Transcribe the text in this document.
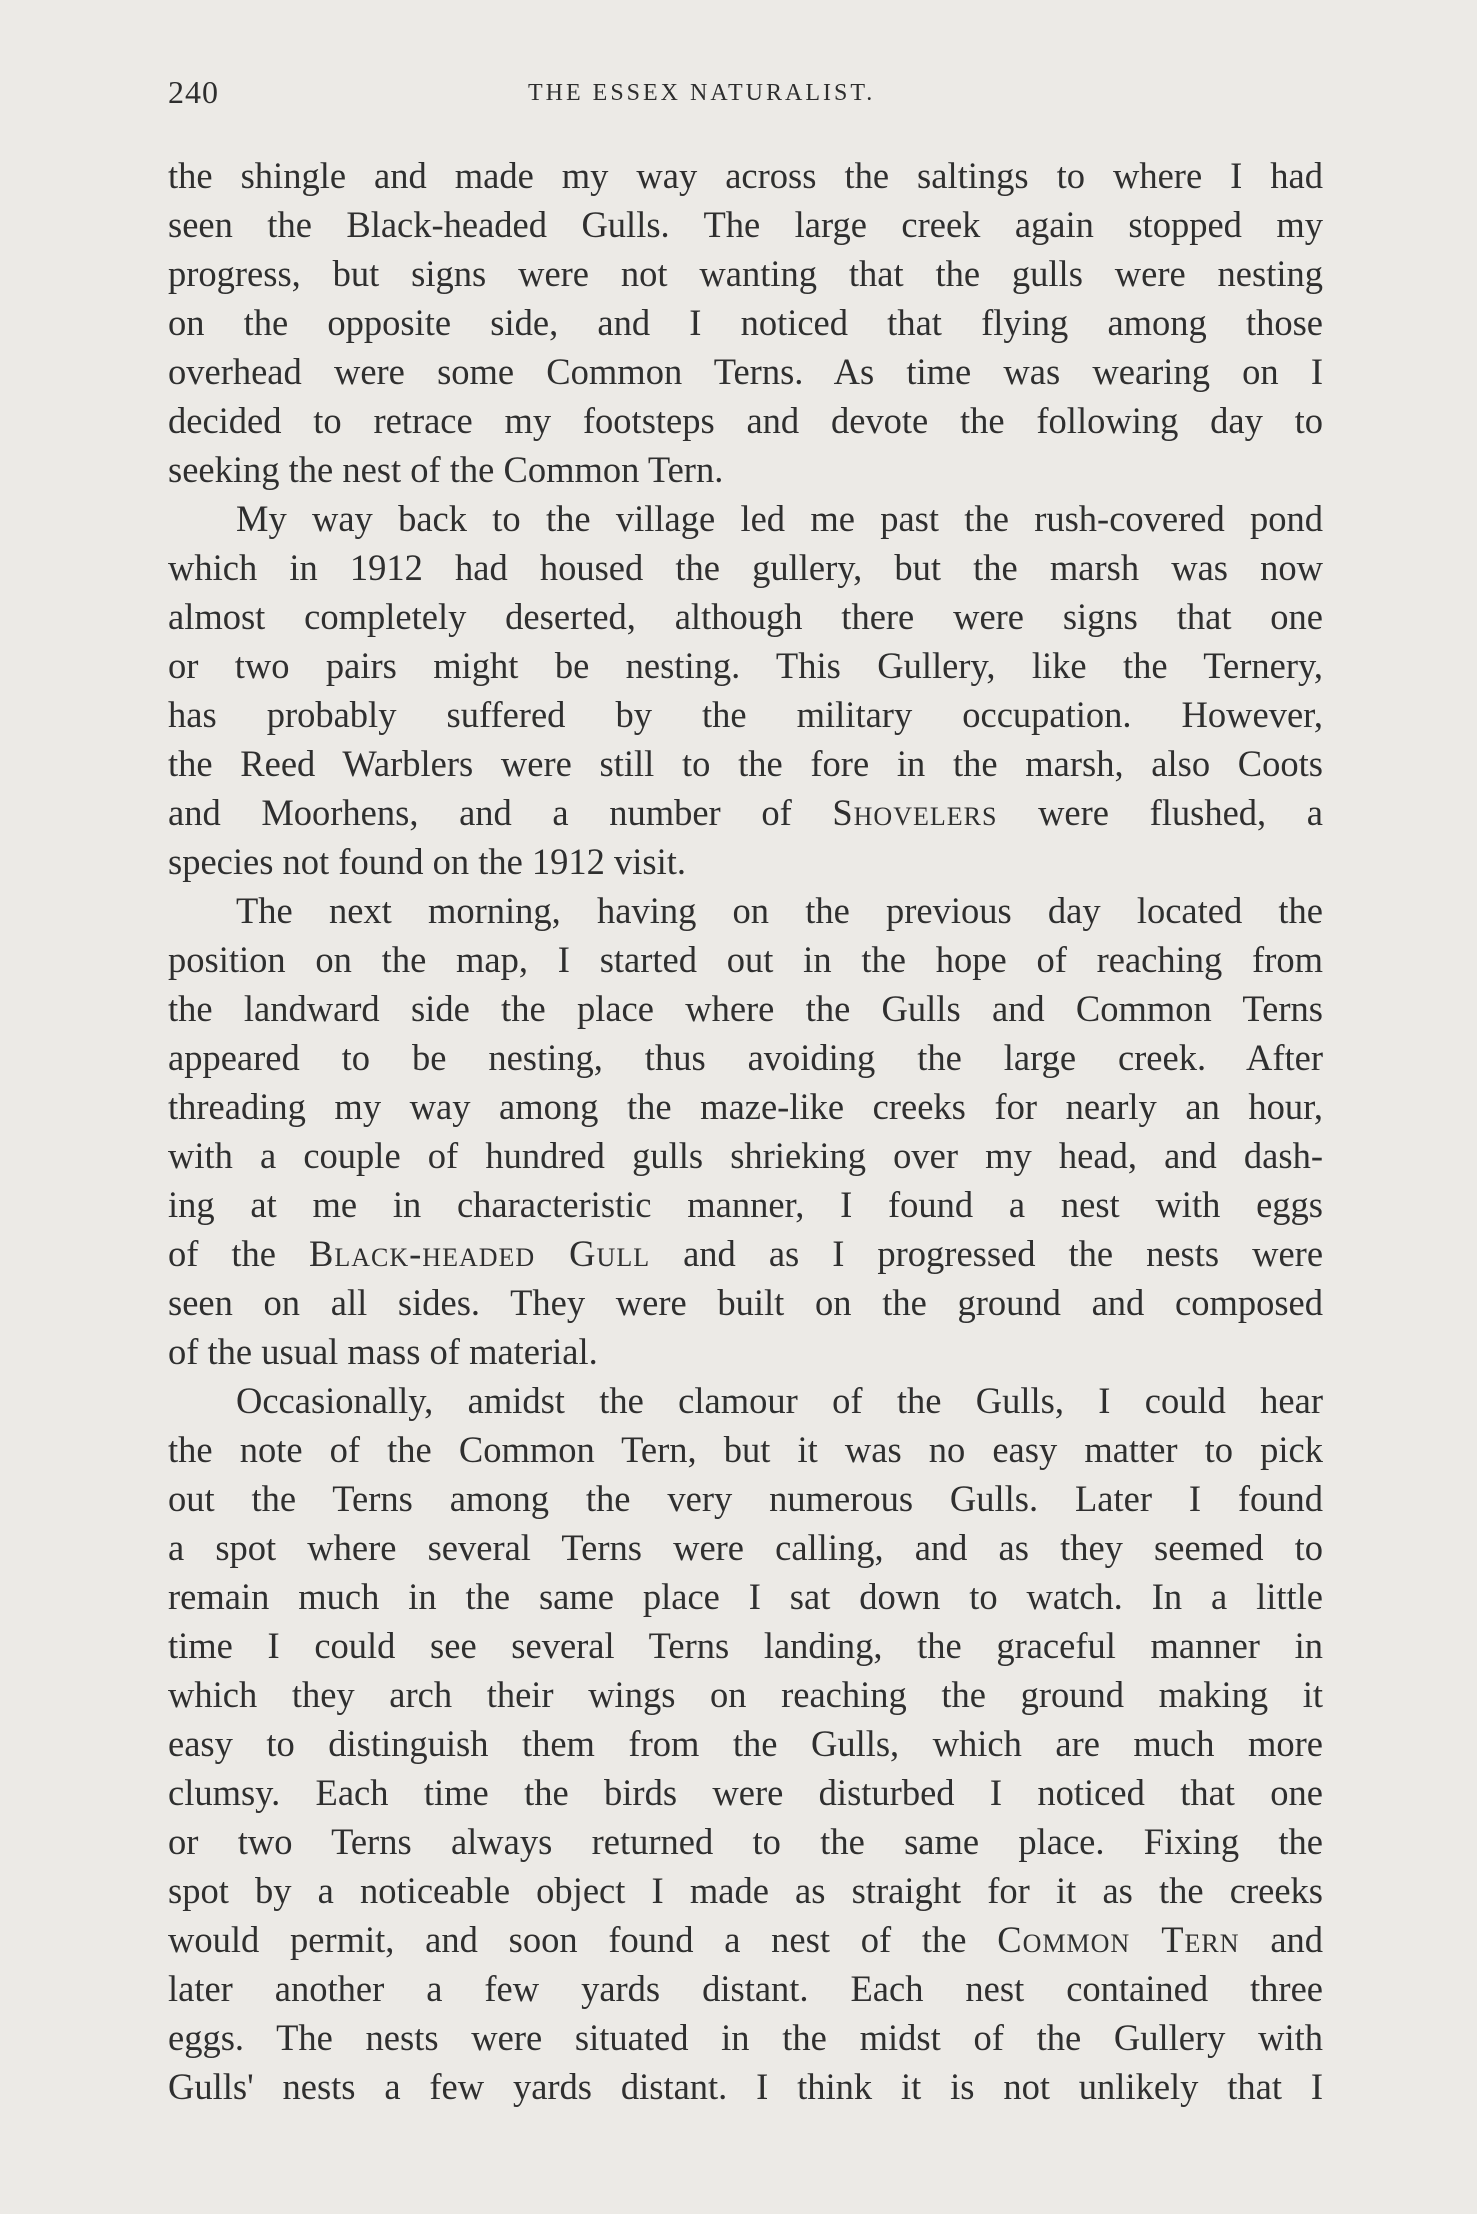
240	THE ESSEX NATURALIST.
the shingle and made my way across the saltings to where I had
seen the Black-headed Gulls. The large creek again stopped my
progress, but signs were not wanting that the gulls were nesting
on the opposite side, and I noticed that flying among those
overhead were some Common Terns. As time was wearing on I
decided to retrace my footsteps and devote the following day to
seeking the nest of the Common Tern.
My way back to the village led me past the rush-covered pond
which in 1912 had housed the gullery, but the marsh was now
almost completely deserted, although there were signs that one
or two pairs might be nesting. This Gullery, like the Ternery,
has probably suffered by the military occupation. However,
the Reed Warblers were still to the fore in the marsh, also Coots
and Moorhens, and a number of Shovelers were flushed, a
species not found on the 1912 visit.
The next morning, having on the previous day located the
position on the map, I started out in the hope of reaching from
the landward side the place where the Gulls and Common Terns
appeared to be nesting, thus avoiding the large creek. After
threading my way among the maze-like creeks for nearly an hour,
with a couple of hundred gulls shrieking over my head, and dash-
ing at me in characteristic manner, I found a nest with eggs
of the Black-headed Gull and as I progressed the nests were
seen on all sides. They were built on the ground and composed
of the usual mass of material.
Occasionally, amidst the clamour of the Gulls, I could hear
the note of the Common Tern, but it was no easy matter to pick
out the Terns among the very numerous Gulls. Later I found
a spot where several Terns were calling, and as they seemed to
remain much in the same place I sat down to watch. In a little
time I could see several Terns landing, the graceful manner in
which they arch their wings on reaching the ground making it
easy to distinguish them from the Gulls, which are much more
clumsy. Each time the birds were disturbed I noticed that one
or two Terns always returned to the same place. Fixing the
spot by a noticeable object I made as straight for it as the creeks
would permit, and soon found a nest of the Common Tern and
later another a few yards distant. Each nest contained three
eggs. The nests were situated in the midst of the Gullery with
Gulls' nests a few yards distant. I think it is not unlikely that I
